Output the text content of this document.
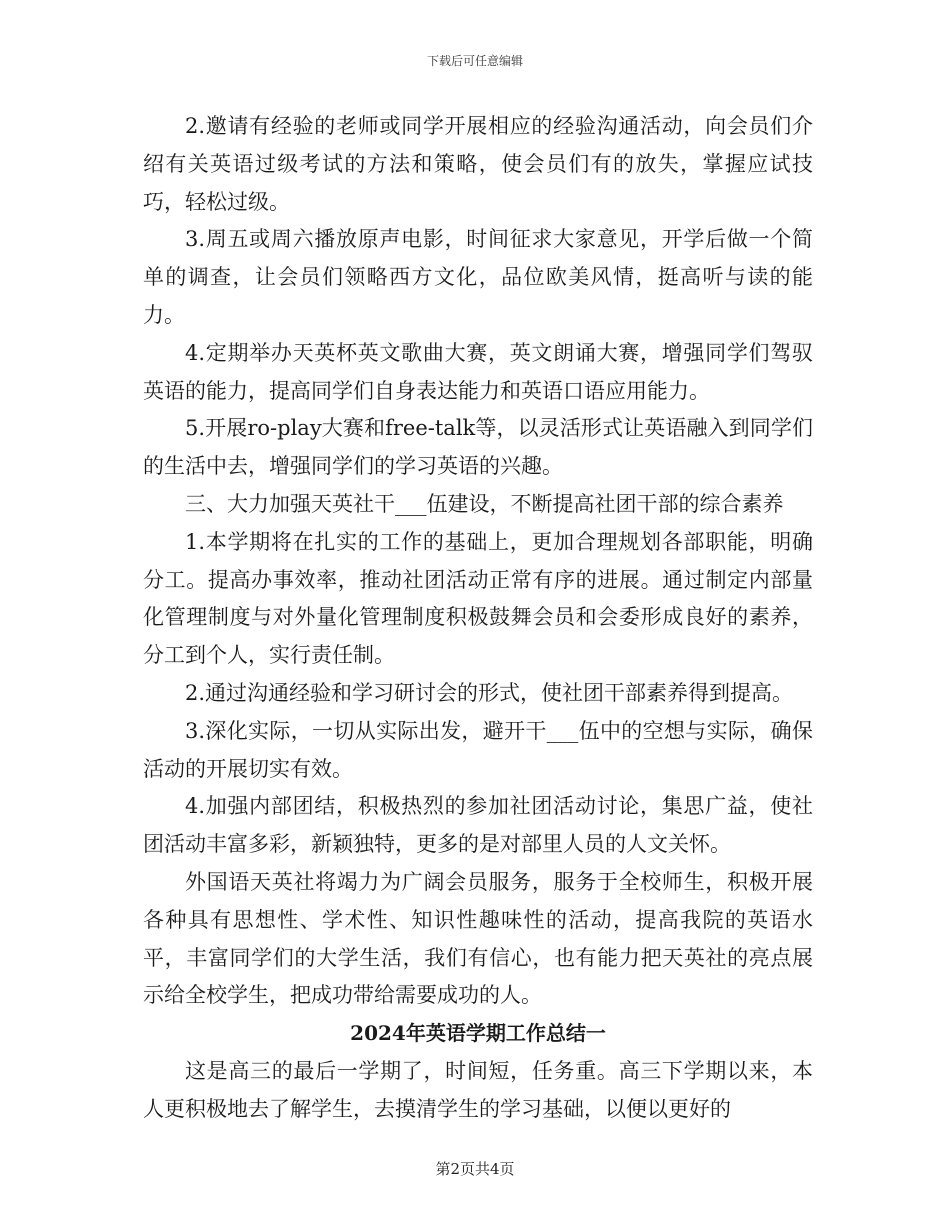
下载后可任意编辑

2.邀请有经验的老师或同学开展相应的经验沟通活动，向会员们介绍有关英语过级考试的方法和策略，使会员们有的放失，掌握应试技巧，轻松过级。

3.周五或周六播放原声电影，时间征求大家意见，开学后做一个简单的调查，让会员们领略西方文化，品位欧美风情，挺高听与读的能力。

4.定期举办天英杯英文歌曲大赛，英文朗诵大赛，增强同学们驾驭英语的能力，提高同学们自身表达能力和英语口语应用能力。

5.开展ro-play大赛和free-talk等，以灵活形式让英语融入到同学们的生活中去，增强同学们的学习英语的兴趣。

三、大力加强天英社干___伍建设，不断提高社团干部的综合素养

1.本学期将在扎实的工作的基础上，更加合理规划各部职能，明确分工。提高办事效率，推动社团活动正常有序的进展。通过制定内部量化管理制度与对外量化管理制度积极鼓舞会员和会委形成良好的素养，分工到个人，实行责任制。

2.通过沟通经验和学习研讨会的形式，使社团干部素养得到提高。

3.深化实际，一切从实际出发，避开干___伍中的空想与实际，确保活动的开展切实有效。

4.加强内部团结，积极热烈的参加社团活动讨论，集思广益，使社团活动丰富多彩，新颖独特，更多的是对部里人员的人文关怀。

外国语天英社将竭力为广阔会员服务，服务于全校师生，积极开展各种具有思想性、学术性、知识性趣味性的活动，提高我院的英语水平，丰富同学们的大学生活，我们有信心，也有能力把天英社的亮点展示给全校学生，把成功带给需要成功的人。

2024年英语学期工作总结一

这是高三的最后一学期了，时间短，任务重。高三下学期以来，本人更积极地去了解学生，去摸清学生的学习基础，以便以更好的

第2页共4页
